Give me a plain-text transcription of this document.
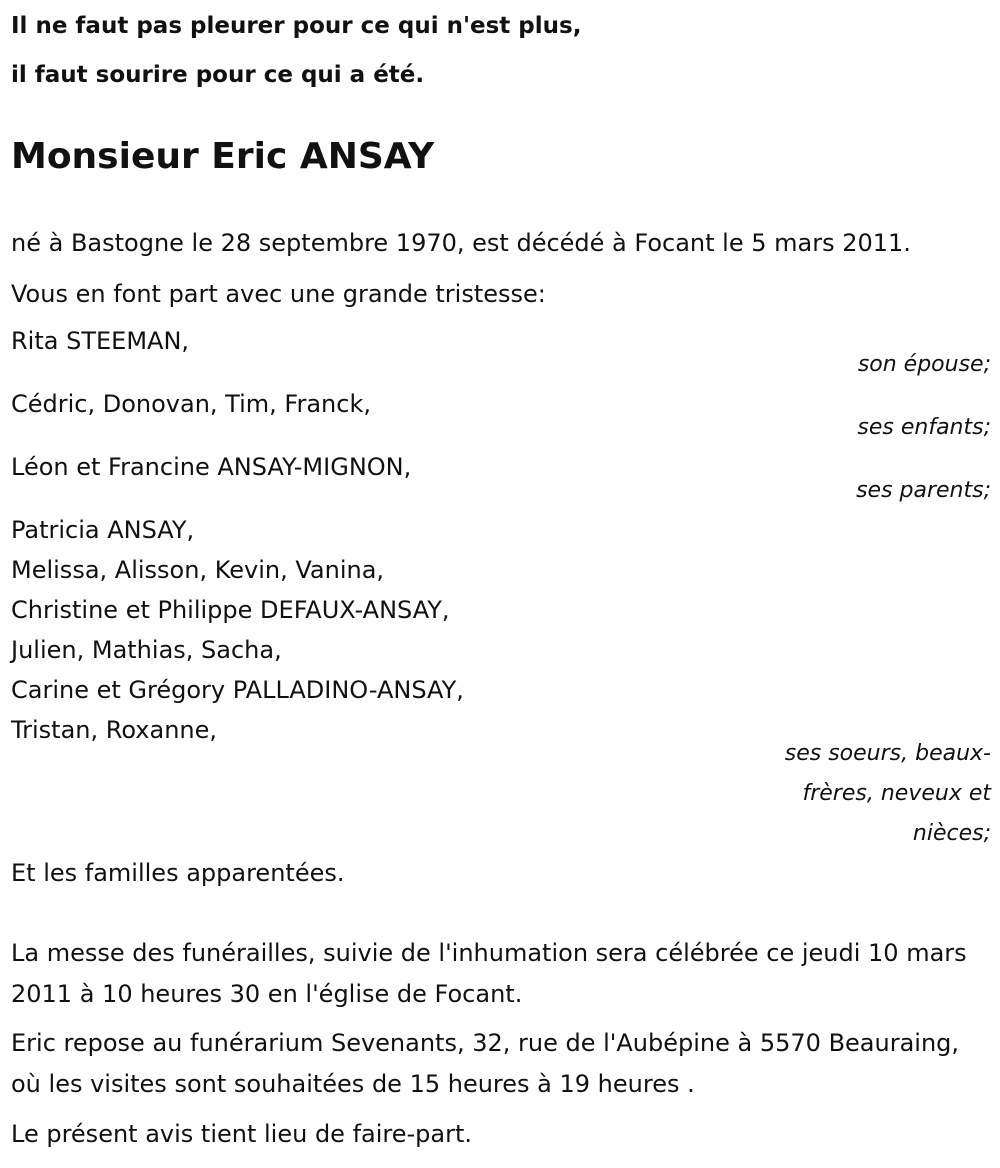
Il ne faut pas pleurer pour ce qui n'est plus,

il faut sourire pour ce qui a été.

Monsieur Eric ANSAY

né à Bastogne le 28 septembre 1970, est décédé à Focant le 5 mars 2011.

Vous en font part avec une grande tristesse:

Rita STEEMAN,

son épouse;

Cédric, Donovan, Tim, Franck,

ses enfants;

Léon et Francine ANSAY-MIGNON,

ses parents;

Patricia ANSAY,

Melissa, Alisson, Kevin, Vanina,

Christine et Philippe DEFAUX-ANSAY,

Julien, Mathias, Sacha,

Carine et Grégory PALLADINO-ANSAY,

Tristan, Roxanne,

ses soeurs, beaux-frères, neveux et nièces;

Et les familles apparentées.

La messe des funérailles, suivie de l'inhumation sera célébrée ce jeudi 10 mars 2011 à 10 heures 30 en l'église de Focant.

Eric repose au funérarium Sevenants, 32, rue de l'Aubépine à 5570 Beauraing, où les visites sont souhaitées de 15 heures à 19 heures .

Le présent avis tient lieu de faire-part.
